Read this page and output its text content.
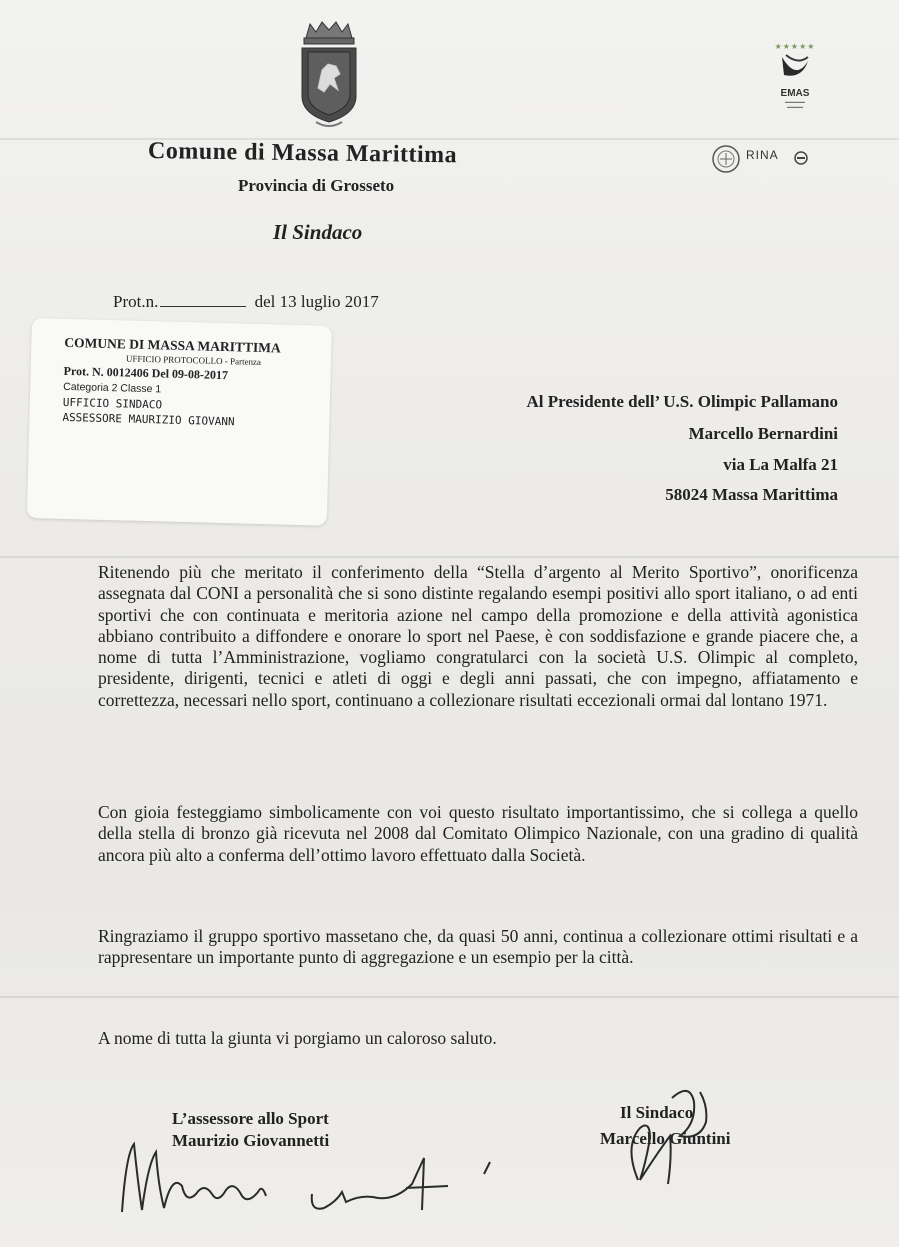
★★★★★
EMAS
▬▬▬▬▬
▬▬▬▬
RINA
Comune di Massa Marittima
Provincia di Grosseto
Il Sindaco
Prot.n.	del 13 luglio 2017
COMUNE DI MASSA MARITTIMA
UFFICIO PROTOCOLLO - Partenza
Prot. N. 0012406 Del 09-08-2017
Categoria 2 Classe 1
UFFICIO SINDACO
ASSESSORE MAURIZIO GIOVANN
Al Presidente dell’ U.S. Olimpic Pallamano
Marcello Bernardini
via La Malfa 21
58024 Massa Marittima
Ritenendo più che meritato il conferimento della “Stella d’argento al Merito Sportivo”, onorificenza assegnata dal CONI a personalità che si sono distinte regalando esempi positivi allo sport italiano, o ad enti sportivi che con continuata e meritoria azione nel campo della promozione e della attività agonistica abbiano contribuito a diffondere e onorare lo sport nel Paese, è con soddisfazione e grande piacere che, a nome di tutta l’Amministrazione, vogliamo congratularci con la società U.S. Olimpic al completo, presidente, dirigenti, tecnici e atleti di oggi e degli anni passati, che con impegno, affiatamento e correttezza, necessari nello sport, continuano a collezionare risultati eccezionali ormai dal lontano 1971.
Con gioia festeggiamo simbolicamente con voi questo risultato importantissimo, che si collega a quello della stella di bronzo già ricevuta nel 2008 dal Comitato Olimpico Nazionale, con una gradino di qualità ancora più alto a conferma dell’ottimo lavoro effettuato dalla Società.
Ringraziamo il gruppo sportivo massetano che, da quasi 50 anni, continua a collezionare ottimi risultati e a rappresentare un importante punto di aggregazione e un esempio per la città.
A nome di tutta la giunta vi porgiamo un caloroso saluto.
L’assessore allo Sport
Maurizio Giovannetti
Il Sindaco
Marcello Giuntini
